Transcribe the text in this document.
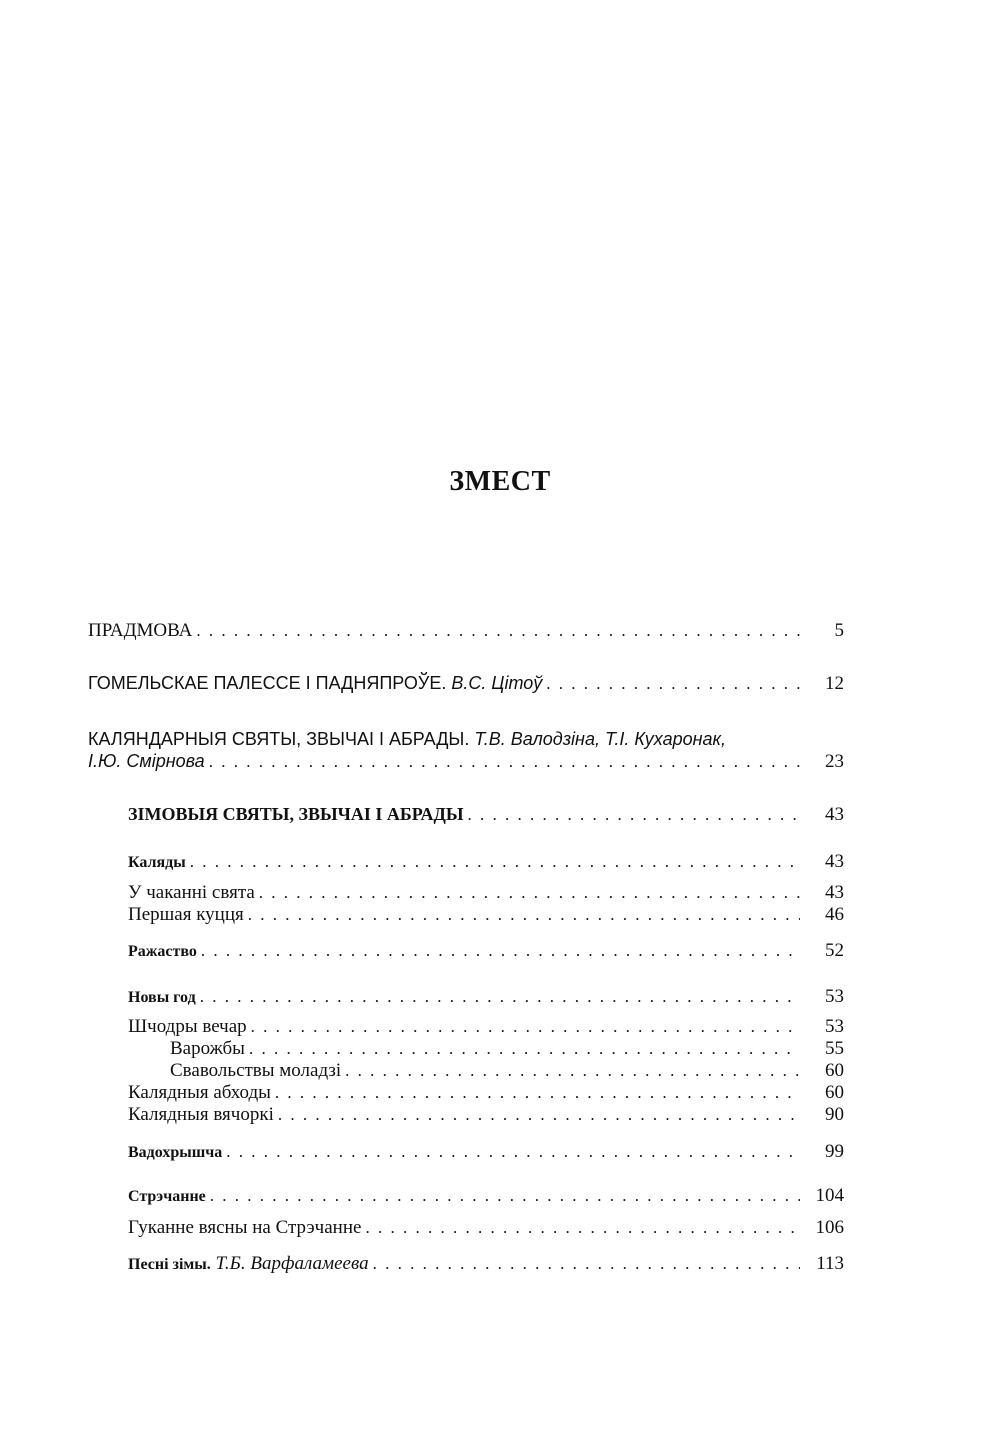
ЗМЕСТ
ПРАДМОВА . . .	5
ГОМЕЛЬСКАЕ ПАЛЕССЕ І ПАДНЯПРОЎЕ. В.С. Цітоў . . .	12
КАЛЯНДАРНЫЯ СВЯТЫ, ЗВЫЧАІ І АБРАДЫ. Т.В. Валодзіна, Т.І. Кухаронак,
І.Ю. Смірнова . . .	23
ЗІМОВЫЯ СВЯТЫ, ЗВЫЧАІ І АБРАДЫ . . .	43
Каляды . . .	43
У чаканні свята . . .	43
Першая куцця . . .	46
Ражаство . . .	52
Новы год . . .	53
Шчодры вечар . . .	53
Варожбы . . .	55
Свавольствы моладзі . . .	60
Калядныя абходы . . .	60
Калядныя вячоркі . . .	90
Вадохрышча . . .	99
Стрэчанне . . .	104
Гуканне вясны на Стрэчанне . . .	106
Песні зімы. Т.Б. Варфаламеева . . .	113
